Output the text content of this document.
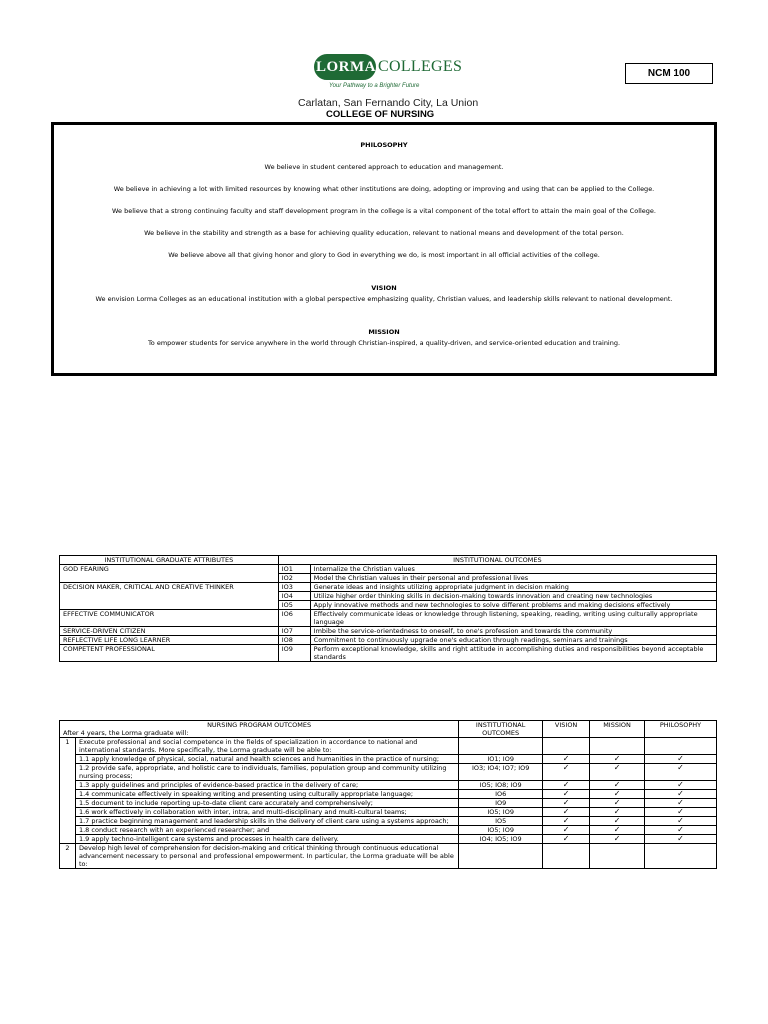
LORMA COLLEGES
Your Pathway to a Brighter Future
Carlatan, San Fernando City, La Union
COLLEGE OF NURSING
NCM 100
PHILOSOPHY
We believe in student centered approach to education and management.
We believe in achieving a lot with limited resources by knowing what other institutions are doing, adopting or improving and using that can be applied to the College.
We believe that a strong continuing faculty and staff development program in the college is a vital component of the total effort to attain the main goal of the College.
We believe in the stability and strength as a base for achieving quality education, relevant to national means and development of the total person.
We believe above all that giving honor and glory to God in everything we do, is most important in all official activities of the college.
VISION
We envision Lorma Colleges as an educational institution with a global perspective emphasizing quality, Christian values, and leadership skills relevant to national development.
MISSION
To empower students for service anywhere in the world through Christian-inspired, a quality-driven, and service-oriented education and training.
INSTITUTIONAL GRADUATE ATTRIBUTES	INSTITUTIONAL OUTCOMES	
GOD FEARING	IO1	Internalize the Christian values
	IO2	Model the Christian values in their personal and professional lives
DECISION MAKER, CRITICAL AND CREATIVE THINKER	IO3	Generate ideas and insights utilizing appropriate judgment in decision making
	IO4	Utilize higher order thinking skills in decision-making towards innovation and creating new technologies
	IO5	Apply innovative methods and new technologies to solve different problems and making decisions effectively
EFFECTIVE COMMUNICATOR	IO6	Effectively communicate ideas or knowledge through listening, speaking, reading, writing using culturally appropriate language
SERVICE-DRIVEN CITIZEN	IO7	Imbibe the service-orientedness to oneself, to one's profession and towards the community
REFLECTIVE LIFE LONG LEARNER	IO8	Commitment to continuously upgrade one's education through readings, seminars and trainings
COMPETENT PROFESSIONAL	IO9	Perform exceptional knowledge, skills and right attitude in accomplishing duties and responsibilities beyond acceptable standards
NURSING PROGRAM OUTCOMES
After 4 years, the Lorma graduate will:		INSTITUTIONAL OUTCOMES	VISION	MISSION	PHILOSOPHY
1	Execute professional and social competence in the fields of specialization in accordance to national and international standards. More specifically, the Lorma graduate will be able to:				
	1.1 apply knowledge of physical, social, natural and health sciences and humanities in the practice of nursing;	IO1; IO9	✓	✓	✓
	1.2 provide safe, appropriate, and holistic care to individuals, families, population group and community utilizing nursing process;	IO3; IO4; IO7; IO9	✓	✓	✓
	1.3 apply guidelines and principles of evidence-based practice in the delivery of care;	IO5; IO8; IO9	✓	✓	✓
	1.4 communicate effectively in speaking writing and presenting using culturally appropriate language;	IO6	✓	✓	✓
	1.5 document to include reporting up-to-date client care accurately and comprehensively;	IO9	✓	✓	✓
	1.6 work effectively in collaboration with inter, intra, and multi-disciplinary and multi-cultural teams;	IO5; IO9	✓	✓	✓
	1.7 practice beginning management and leadership skills in the delivery of client care using a systems approach;	IO5	✓	✓	✓
	1.8 conduct research with an experienced researcher; and	IO5; IO9	✓	✓	✓
	1.9 apply techno-intelligent care systems and processes in health care delivery.	IO4; IO5; IO9	✓	✓	✓
2	Develop high level of comprehension for decision-making and critical thinking through continuous educational advancement necessary to personal and professional empowerment. In particular, the Lorma graduate will be able to:				
